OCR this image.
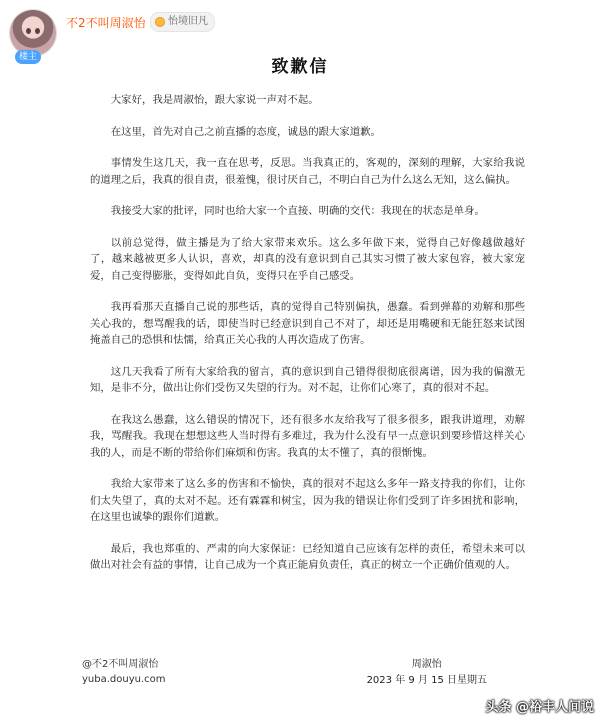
楼主
不2不叫周淑怡 怡境旧凡
致歉信

大家好，我是周淑怡，跟大家说一声对不起。

在这里，首先对自己之前直播的态度，诚恳的跟大家道歉。

事情发生这几天，我一直在思考，反思。当我真正的，客观的，深刻的理解，大家给我说的道理之后，我真的很自责，很羞愧，很讨厌自己，不明白自己为什么这么无知，这么偏执。

我接受大家的批评，同时也给大家一个直接、明确的交代：我现在的状态是单身。

以前总觉得，做主播是为了给大家带来欢乐。这么多年做下来，觉得自己好像越做越好了，越来越被更多人认识，喜欢，却真的没有意识到自己其实习惯了被大家包容，被大家宠爱，自己变得膨胀，变得如此自负，变得只在乎自己感受。

我再看那天直播自己说的那些话，真的觉得自己特别偏执，愚蠢。看到弹幕的劝解和那些关心我的，想骂醒我的话，即使当时已经意识到自己不对了，却还是用嘴硬和无能狂怒来试图掩盖自己的恐惧和怯懦，给真正关心我的人再次造成了伤害。

这几天我看了所有大家给我的留言，真的意识到自己错得很彻底很离谱，因为我的偏激无知，是非不分，做出让你们受伤又失望的行为。对不起，让你们心寒了，真的很对不起。

在我这么愚蠢，这么错误的情况下，还有很多水友给我写了很多很多，跟我讲道理，劝解我，骂醒我。我现在想想这些人当时得有多难过，我为什么没有早一点意识到要珍惜这样关心我的人，而是不断的带给你们麻烦和伤害。我真的太不懂了，真的很惭愧。

我给大家带来了这么多的伤害和不愉快，真的很对不起这么多年一路支持我的你们，让你们太失望了，真的太对不起。还有霖霖和树宝，因为我的错误让你们受到了许多困扰和影响，在这里也诚挚的跟你们道歉。

最后，我也郑重的、严肃的向大家保证：已经知道自己应该有怎样的责任，希望未来可以做出对社会有益的事情，让自己成为一个真正能肩负责任，真正的树立一个正确价值观的人。

@不2不叫周淑怡
yuba.douyu.com
周淑怡
2023 年 9 月 15 日星期五
头条 @裕丰人间说
